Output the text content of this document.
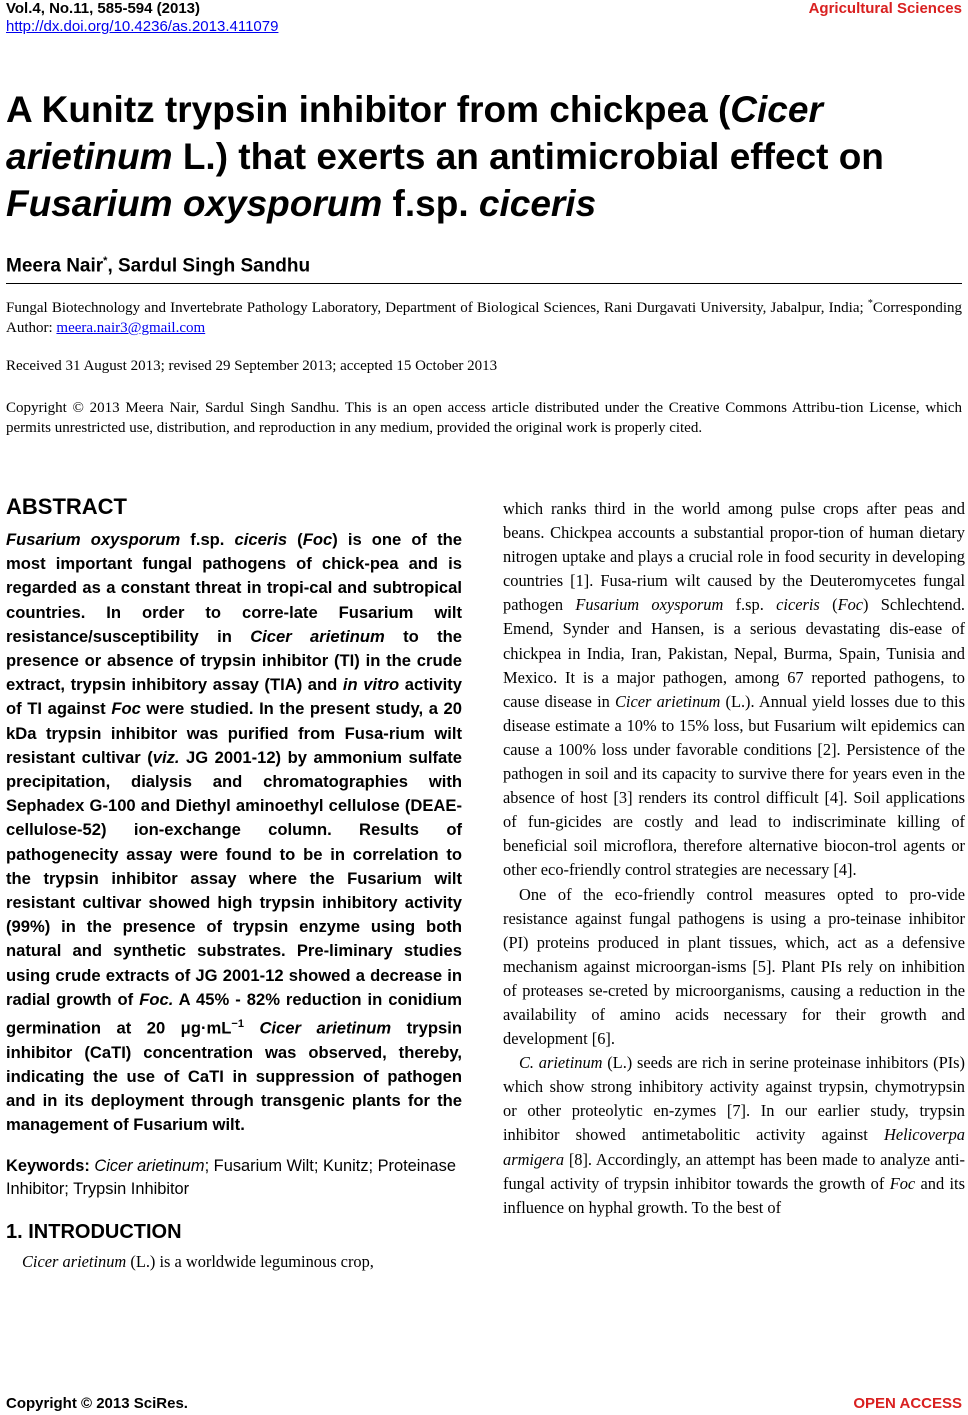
Vol.4, No.11, 585-594 (2013)
http://dx.doi.org/10.4236/as.2013.411079
Agricultural Sciences
A Kunitz trypsin inhibitor from chickpea (Cicer arietinum L.) that exerts an antimicrobial effect on Fusarium oxysporum f.sp. ciceris
Meera Nair*, Sardul Singh Sandhu
Fungal Biotechnology and Invertebrate Pathology Laboratory, Department of Biological Sciences, Rani Durgavati University, Jabalpur, India; *Corresponding Author: meera.nair3@gmail.com
Received 31 August 2013; revised 29 September 2013; accepted 15 October 2013
Copyright © 2013 Meera Nair, Sardul Singh Sandhu. This is an open access article distributed under the Creative Commons Attribu-tion License, which permits unrestricted use, distribution, and reproduction in any medium, provided the original work is properly cited.
ABSTRACT

Fusarium oxysporum f.sp. ciceris (Foc) is one of the most important fungal pathogens of chick-pea and is regarded as a constant threat in tropi-cal and subtropical countries. In order to corre-late Fusarium wilt resistance/susceptibility in Cicer arietinum to the presence or absence of trypsin inhibitor (TI) in the crude extract, trypsin inhibitory assay (TIA) and in vitro activity of TI against Foc were studied. In the present study, a 20 kDa trypsin inhibitor was purified from Fusa-rium wilt resistant cultivar (viz. JG 2001-12) by ammonium sulfate precipitation, dialysis and chromatographies with Sephadex G-100 and Diethyl aminoethyl cellulose (DEAE-cellulose-52) ion-exchange column. Results of pathogenecity assay were found to be in correlation to the trypsin inhibitor assay where the Fusarium wilt resistant cultivar showed high trypsin inhibitory activity (99%) in the presence of trypsin enzyme using both natural and synthetic substrates. Pre-liminary studies using crude extracts of JG 2001-12 showed a decrease in radial growth of Foc. A 45% - 82% reduction in conidium germination at 20 $\mu g\cdot mL^{-1}$ Cicer arietinum trypsin inhibitor (CaTI) concentration was observed, thereby, indicating the use of CaTI in suppression of pathogen and in its deployment through transgenic plants for the management of Fusarium wilt.

Keywords: Cicer arietinum; Fusarium Wilt; Kunitz; Proteinase Inhibitor; Trypsin Inhibitor

1. INTRODUCTION

Cicer arietinum (L.) is a worldwide leguminous crop,

which ranks third in the world among pulse crops after peas and beans. Chickpea accounts a substantial propor-tion of human dietary nitrogen uptake and plays a crucial role in food security in developing countries [1]. Fusa-rium wilt caused by the Deuteromycetes fungal pathogen Fusarium oxysporum f.sp. ciceris (Foc) Schlechtend. Emend, Synder and Hansen, is a serious devastating dis-ease of chickpea in India, Iran, Pakistan, Nepal, Burma, Spain, Tunisia and Mexico. It is a major pathogen, among 67 reported pathogens, to cause disease in Cicer arietinum (L.). Annual yield losses due to this disease estimate a 10% to 15% loss, but Fusarium wilt epidemics can cause a 100% loss under favorable conditions [2]. Persistence of the pathogen in soil and its capacity to survive there for years even in the absence of host [3] renders its control difficult [4]. Soil applications of fun-gicides are costly and lead to indiscriminate killing of beneficial soil microflora, therefore alternative biocon-trol agents or other eco-friendly control strategies are necessary [4].

One of the eco-friendly control measures opted to pro-vide resistance against fungal pathogens is using a pro-teinase inhibitor (PI) proteins produced in plant tissues, which, act as a defensive mechanism against microorgan-isms [5]. Plant PIs rely on inhibition of proteases se-creted by microorganisms, causing a reduction in the availability of amino acids necessary for their growth and development [6].

C. arietinum (L.) seeds are rich in serine proteinase inhibitors (PIs) which show strong inhibitory activity against trypsin, chymotrypsin or other proteolytic en-zymes [7]. In our earlier study, trypsin inhibitor showed antimetabolitic activity against Helicoverpa armigera [8]. Accordingly, an attempt has been made to analyze anti-fungal activity of trypsin inhibitor towards the growth of Foc and its influence on hyphal growth. To the best of

Copyright © 2013 SciRes.	OPEN ACCESS
